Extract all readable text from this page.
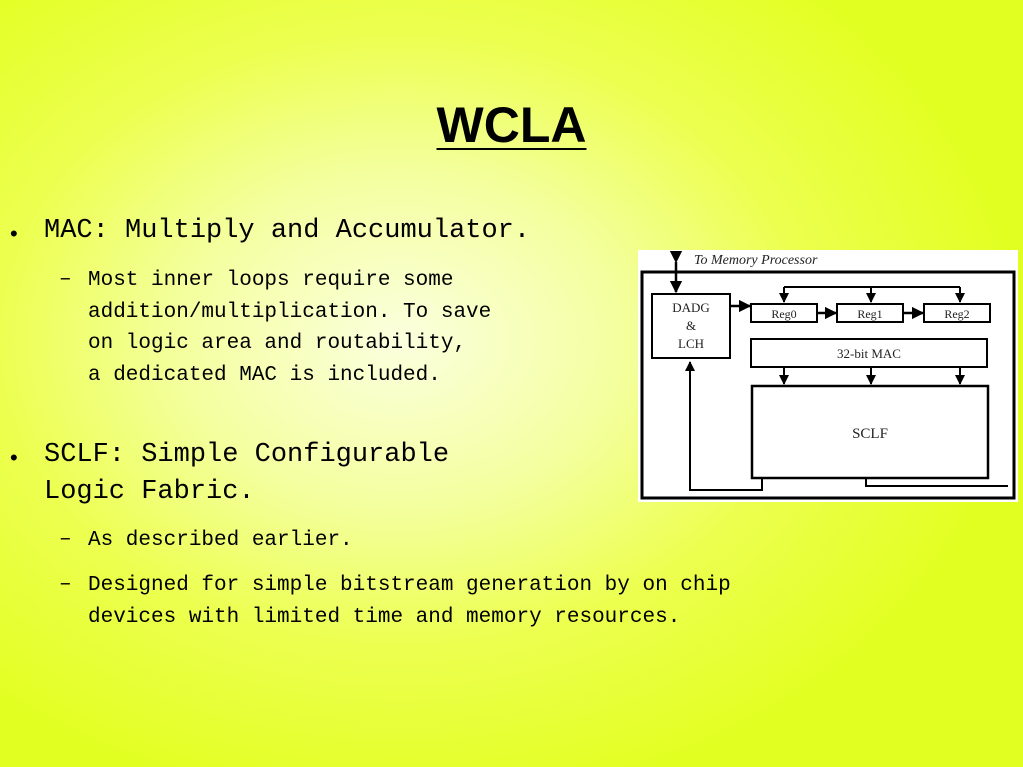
WCLA
• MAC: Multiply and Accumulator.
– Most inner loops require some
addition/multiplication. To save
on logic area and routability,
a dedicated MAC is included.
• SCLF: Simple Configurable
Logic Fabric.
– As described earlier.
– Designed for simple bitstream generation by on chip
devices with limited time and memory resources.
To Memory Processor
DADG
&
LCH
Reg0	Reg1	Reg2
32-bit MAC
SCLF
